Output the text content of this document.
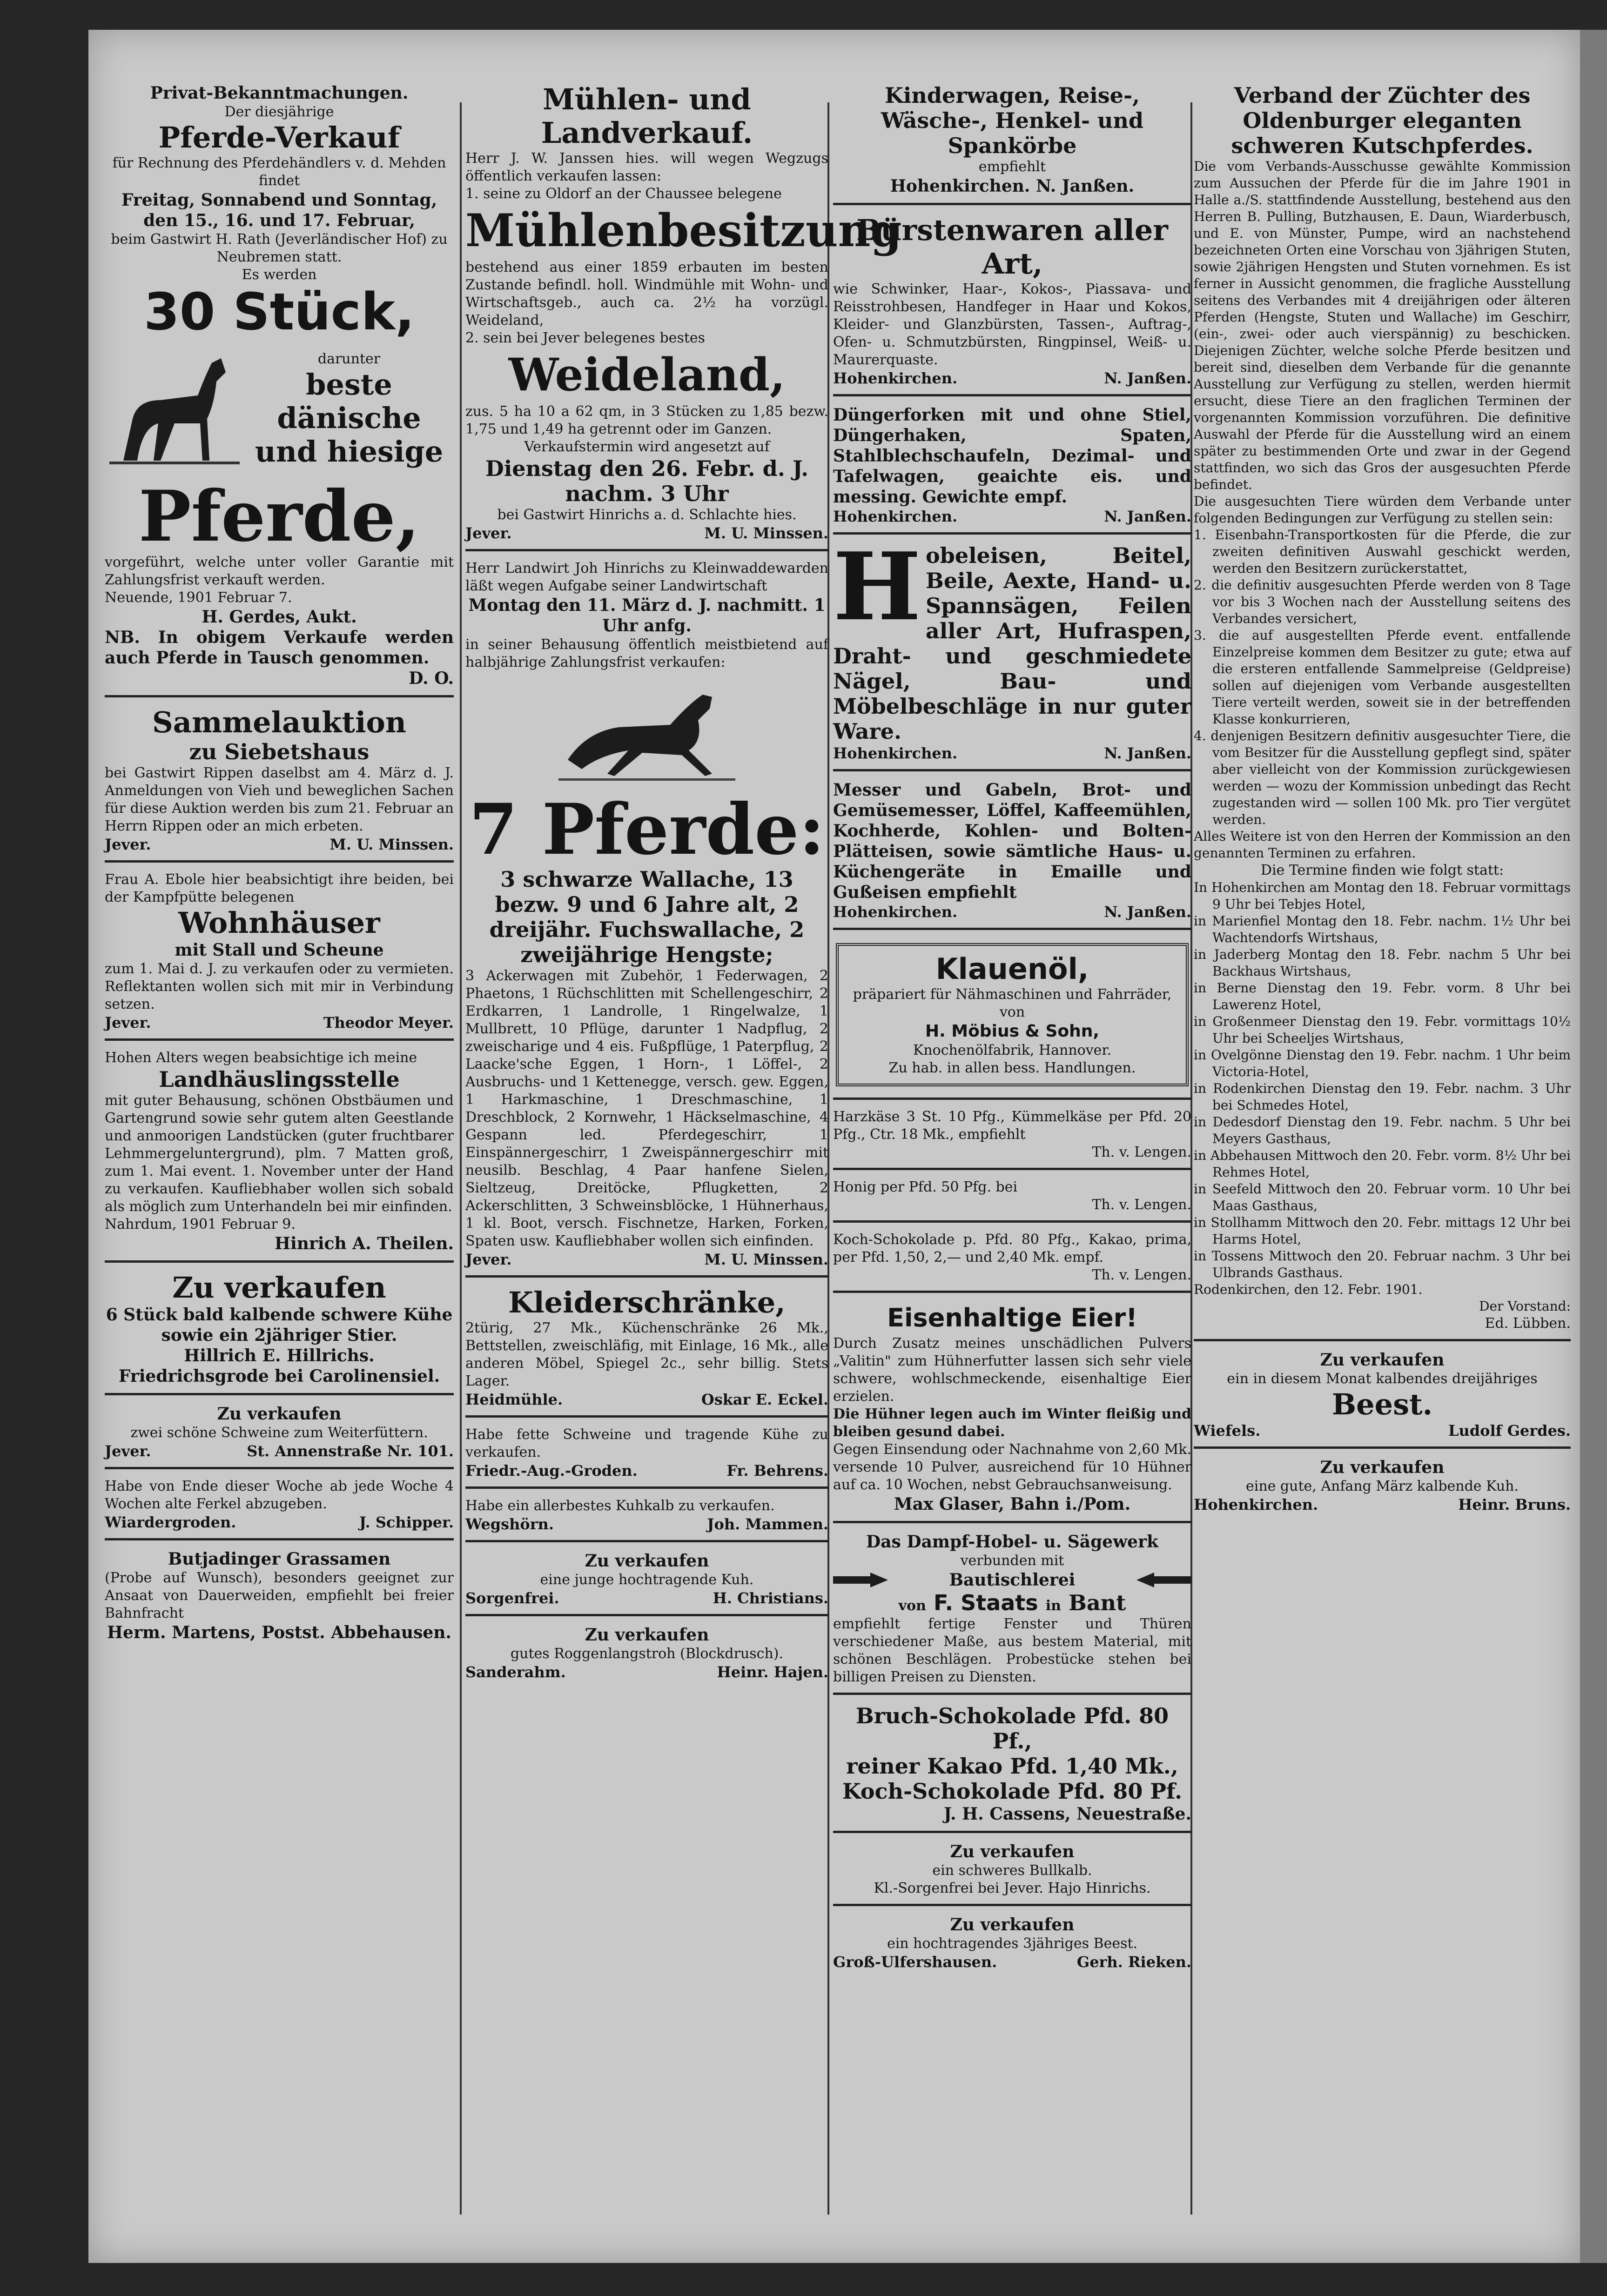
Privat-Bekanntmachungen.
Der diesjährige
Pferde-Verkauf
für Rechnung des Pferdehändlers v. d. Mehden findet
Freitag, Sonnabend und Sonntag, den 15., 16. und 17. Februar,
beim Gastwirt H. Rath (Jeverländischer Hof) zu Neubremen statt.
Es werden
30 Stück,
darunter
beste dänische und hiesige
Pferde,
vorgeführt, welche unter voller Garantie mit Zahlungsfrist verkauft werden.
Neuende, 1901 Februar 7.
H. Gerdes, Aukt.
NB. In obigem Verkaufe werden auch Pferde in Tausch genommen.
D. O.
Sammelauktion
zu Siebetshaus
bei Gastwirt Rippen daselbst am 4. März d. J. Anmeldungen von Vieh und beweglichen Sachen für diese Auktion werden bis zum 21. Februar an Herrn Rippen oder an mich erbeten.
Jever.	M. U. Minssen.
Frau A. Ebole hier beabsichtigt ihre beiden, bei der Kampfpütte belegenen
Wohnhäuser
mit Stall und Scheune
zum 1. Mai d. J. zu verkaufen oder zu vermieten. Reflektanten wollen sich mit mir in Verbindung setzen.
Jever.	Theodor Meyer.
Hohen Alters wegen beabsichtige ich meine
Landhäuslingsstelle
mit guter Behausung, schönen Obstbäumen und Gartengrund sowie sehr gutem alten Geestlande und anmoorigen Landstücken (guter fruchtbarer Lehmmergeluntergrund), plm. 7 Matten groß, zum 1. Mai event. 1. November unter der Hand zu verkaufen. Kaufliebhaber wollen sich sobald als möglich zum Unterhandeln bei mir einfinden.
Nahrdum, 1901 Februar 9.
Hinrich A. Theilen.
Zu verkaufen
6 Stück bald kalbende schwere Kühe sowie ein 2jähriger Stier.
Hillrich E. Hillrichs.
Friedrichsgrode bei Carolinensiel.
Zu verkaufen
zwei schöne Schweine zum Weiterfüttern.
Jever.	St. Annenstraße Nr. 101.
Habe von Ende dieser Woche ab jede Woche 4 Wochen alte Ferkel abzugeben.
Wiardergroden.	J. Schipper.
Butjadinger Grassamen
(Probe auf Wunsch), besonders geeignet zur Ansaat von Dauerweiden, empfiehlt bei freier Bahnfracht
Herm. Martens, Postst. Abbehausen.
Mühlen- und Landverkauf.
Herr J. W. Janssen hies. will wegen Wegzugs öffentlich verkaufen lassen:
1. seine zu Oldorf an der Chaussee belegene
Mühlenbesitzung
bestehend aus einer 1859 erbauten im besten Zustande befindl. holl. Windmühle mit Wohn- und Wirtschaftsgeb., auch ca. 2½ ha vorzügl. Weideland,
2. sein bei Jever belegenes bestes
Weideland,
zus. 5 ha 10 a 62 qm, in 3 Stücken zu 1,85 bezw. 1,75 und 1,49 ha getrennt oder im Ganzen.
Verkaufstermin wird angesetzt auf
Dienstag den 26. Febr. d. J. nachm. 3 Uhr
bei Gastwirt Hinrichs a. d. Schlachte hies.
Jever.	M. U. Minssen.
Herr Landwirt Joh Hinrichs zu Kleinwaddewarden läßt wegen Aufgabe seiner Landwirtschaft
Montag den 11. März d. J. nachmitt. 1 Uhr anfg.
in seiner Behausung öffentlich meistbietend auf halbjährige Zahlungsfrist verkaufen:
7 Pferde:
3 schwarze Wallache, 13 bezw. 9 und 6 Jahre alt, 2 dreijähr. Fuchswallache, 2 zweijährige Hengste;
3 Ackerwagen mit Zubehör, 1 Federwagen, 2 Phaetons, 1 Rüchschlitten mit Schellengeschirr, 2 Erdkarren, 1 Landrolle, 1 Ringelwalze, 1 Mullbrett, 10 Pflüge, darunter 1 Nadpflug, 2 zweischarige und 4 eis. Fußpflüge, 1 Paterpflug, 2 Laacke'sche Eggen, 1 Horn-, 1 Löffel-, 2 Ausbruchs- und 1 Kettenegge, versch. gew. Eggen, 1 Harkmaschine, 1 Dreschmaschine, 1 Dreschblock, 2 Kornwehr, 1 Häckselmaschine, 4 Gespann led. Pferdegeschirr, 1 Einspännergeschirr, 1 Zweispännergeschirr mit neusilb. Beschlag, 4 Paar hanfene Sielen, Sieltzeug, Dreitöcke, Pflugketten, 2 Ackerschlitten, 3 Schweinsblöcke, 1 Hühnerhaus, 1 kl. Boot, versch. Fischnetze, Harken, Forken, Spaten usw. Kaufliebhaber wollen sich einfinden.
Jever.	M. U. Minssen.
Kleiderschränke,
2türig, 27 Mk., Küchenschränke 26 Mk., Bettstellen, zweischläfig, mit Einlage, 16 Mk., alle anderen Möbel, Spiegel 2c., sehr billig. Stets Lager.
Heidmühle.	Oskar E. Eckel.
Habe fette Schweine und tragende Kühe zu verkaufen.
Friedr.-Aug.-Groden.	Fr. Behrens.
Habe ein allerbestes Kuhkalb zu verkaufen.
Wegshörn.	Joh. Mammen.
Zu verkaufen
eine junge hochtragende Kuh.
Sorgenfrei.	H. Christians.
Zu verkaufen
gutes Roggenlangstroh (Blockdrusch).
Sanderahm.	Heinr. Hajen.
Kinderwagen, Reise-, Wäsche-, Henkel- und Spankörbe
empfiehlt
Hohenkirchen. N. Janßen.
Bürstenwaren aller Art,
wie Schwinker, Haar-, Kokos-, Piassava- und Reisstrohbesen, Handfeger in Haar und Kokos, Kleider- und Glanzbürsten, Tassen-, Auftrag-, Ofen- u. Schmutzbürsten, Ringpinsel, Weiß- u. Maurerquaste.
Hohenkirchen.	N. Janßen.
Düngerforken mit und ohne Stiel, Düngerhaken, Spaten, Stahlblechschaufeln, Dezimal- und Tafelwagen, geaichte eis. und messing. Gewichte empf.
Hohenkirchen.	N. Janßen.
H obeleisen, Beitel, Beile, Aexte, Hand- u. Spannsägen, Feilen aller Art, Hufraspen, Draht- und geschmiedete Nägel, Bau- und Möbelbeschläge in nur guter Ware.
Hohenkirchen.	N. Janßen.
Messer und Gabeln, Brot- und Gemüsemesser, Löffel, Kaffeemühlen, Kochherde, Kohlen- und Bolten-Plätteisen, sowie sämtliche Haus- u. Küchengeräte in Emaille und Gußeisen empfiehlt
Hohenkirchen.	N. Janßen.
Klauenöl,
präpariert für Nähmaschinen und Fahrräder, von
H. Möbius & Sohn,
Knochenölfabrik, Hannover.
Zu hab. in allen bess. Handlungen.
Harzkäse 3 St. 10 Pfg., Kümmelkäse per Pfd. 20 Pfg., Ctr. 18 Mk., empfiehlt
Th. v. Lengen.
Honig per Pfd. 50 Pfg. bei
Th. v. Lengen.
Koch-Schokolade p. Pfd. 80 Pfg., Kakao, prima, per Pfd. 1,50, 2,— und 2,40 Mk. empf.
Th. v. Lengen.
Eisenhaltige Eier!
Durch Zusatz meines unschädlichen Pulvers „Valitin" zum Hühnerfutter lassen sich sehr viele schwere, wohlschmeckende, eisenhaltige Eier erzielen.
Die Hühner legen auch im Winter fleißig und bleiben gesund dabei.
Gegen Einsendung oder Nachnahme von 2,60 Mk. versende 10 Pulver, ausreichend für 10 Hühner auf ca. 10 Wochen, nebst Gebrauchsanweisung.
Max Glaser, Bahn i./Pom.
Das Dampf-Hobel- u. Sägewerk
verbunden mit
Bautischlerei
von F. Staats in Bant
empfiehlt fertige Fenster und Thüren verschiedener Maße, aus bestem Material, mit schönen Beschlägen. Probestücke stehen bei billigen Preisen zu Diensten.
Bruch-Schokolade Pfd. 80 Pf.,
reiner Kakao Pfd. 1,40 Mk.,
Koch-Schokolade Pfd. 80 Pf.
J. H. Cassens, Neuestraße.
Zu verkaufen
ein schweres Bullkalb.
Kl.-Sorgenfrei bei Jever. Hajo Hinrichs.
Zu verkaufen
ein hochtragendes 3jähriges Beest.
Groß-Ulfershausen.	Gerh. Rieken.
Verband der Züchter des Oldenburger eleganten schweren Kutschpferdes.
Die vom Verbands-Ausschusse gewählte Kommission zum Aussuchen der Pferde für die im Jahre 1901 in Halle a./S. stattfindende Ausstellung, bestehend aus den Herren B. Pulling, Butzhausen, E. Daun, Wiarderbusch, und E. von Münster, Pumpe, wird an nachstehend bezeichneten Orten eine Vorschau von 3jährigen Stuten, sowie 2jährigen Hengsten und Stuten vornehmen. Es ist ferner in Aussicht genommen, die fragliche Ausstellung seitens des Verbandes mit 4 dreijährigen oder älteren Pferden (Hengste, Stuten und Wallache) im Geschirr, (ein-, zwei- oder auch vierspännig) zu beschicken. Diejenigen Züchter, welche solche Pferde besitzen und bereit sind, dieselben dem Verbande für die genannte Ausstellung zur Verfügung zu stellen, werden hiermit ersucht, diese Tiere an den fraglichen Terminen der vorgenannten Kommission vorzuführen. Die definitive Auswahl der Pferde für die Ausstellung wird an einem später zu bestimmenden Orte und zwar in der Gegend stattfinden, wo sich das Gros der ausgesuchten Pferde befindet.
Die ausgesuchten Tiere würden dem Verbande unter folgenden Bedingungen zur Verfügung zu stellen sein:
1. Eisenbahn-Transportkosten für die Pferde, die zur zweiten definitiven Auswahl geschickt werden, werden den Besitzern zurückerstattet,
2. die definitiv ausgesuchten Pferde werden von 8 Tage vor bis 3 Wochen nach der Ausstellung seitens des Verbandes versichert,
3. die auf ausgestellten Pferde event. entfallende Einzelpreise kommen dem Besitzer zu gute; etwa auf die ersteren entfallende Sammelpreise (Geldpreise) sollen auf diejenigen vom Verbande ausgestellten Tiere verteilt werden, soweit sie in der betreffenden Klasse konkurrieren,
4. denjenigen Besitzern definitiv ausgesuchter Tiere, die vom Besitzer für die Ausstellung gepflegt sind, später aber vielleicht von der Kommission zurückgewiesen werden — wozu der Kommission unbedingt das Recht zugestanden wird — sollen 100 Mk. pro Tier vergütet werden.
Alles Weitere ist von den Herren der Kommission an den genannten Terminen zu erfahren.
Die Termine finden wie folgt statt:
In Hohenkirchen am Montag den 18. Februar vormittags 9 Uhr bei Tebjes Hotel,
in Marienfiel Montag den 18. Febr. nachm. 1½ Uhr bei Wachtendorfs Wirtshaus,
in Jaderberg Montag den 18. Febr. nachm 5 Uhr bei Backhaus Wirtshaus,
in Berne Dienstag den 19. Febr. vorm. 8 Uhr bei Lawerenz Hotel,
in Großenmeer Dienstag den 19. Febr. vormittags 10½ Uhr bei Scheeljes Wirtshaus,
in Ovelgönne Dienstag den 19. Febr. nachm. 1 Uhr beim Victoria-Hotel,
in Rodenkirchen Dienstag den 19. Febr. nachm. 3 Uhr bei Schmedes Hotel,
in Dedesdorf Dienstag den 19. Febr. nachm. 5 Uhr bei Meyers Gasthaus,
in Abbehausen Mittwoch den 20. Febr. vorm. 8½ Uhr bei Rehmes Hotel,
in Seefeld Mittwoch den 20. Februar vorm. 10 Uhr bei Maas Gasthaus,
in Stollhamm Mittwoch den 20. Febr. mittags 12 Uhr bei Harms Hotel,
in Tossens Mittwoch den 20. Februar nachm. 3 Uhr bei Ulbrands Gasthaus.
Rodenkirchen, den 12. Febr. 1901.
Der Vorstand:
Ed. Lübben.
Zu verkaufen
ein in diesem Monat kalbendes dreijähriges
Beest.
Wiefels.	Ludolf Gerdes.
Zu verkaufen
eine gute, Anfang März kalbende Kuh.
Hohenkirchen.	Heinr. Bruns.
